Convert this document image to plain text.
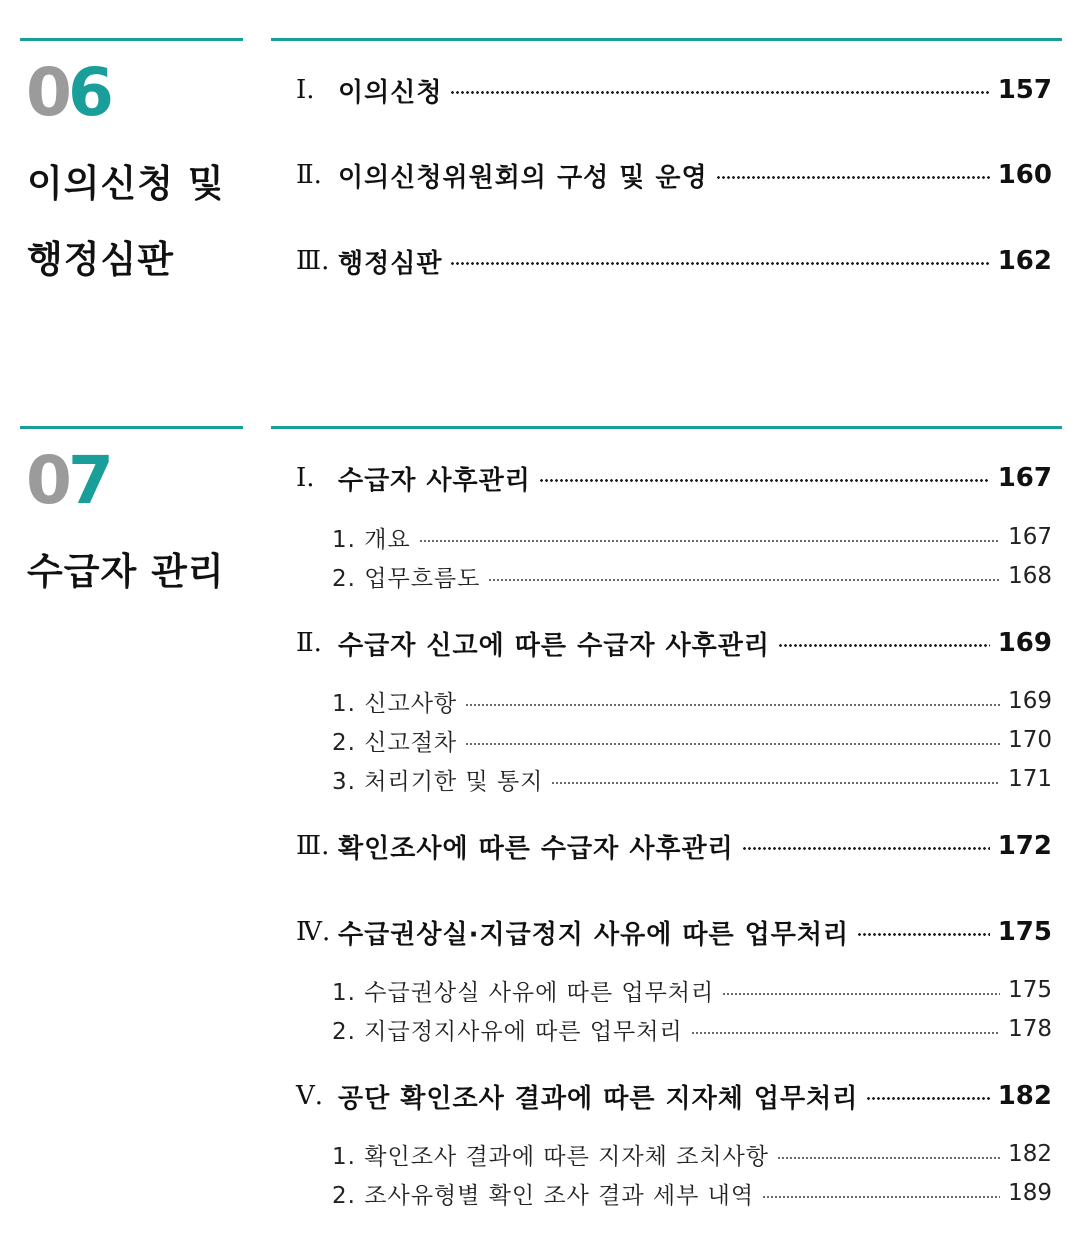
06
이의신청 및
행정심판
Ⅰ. 이의신청	157
Ⅱ. 이의신청위원회의 구성 및 운영	160
Ⅲ. 행정심판	162
07
수급자 관리
Ⅰ. 수급자 사후관리	167
1. 개요	167
2. 업무흐름도	168
Ⅱ. 수급자 신고에 따른 수급자 사후관리	169
1. 신고사항	169
2. 신고절차	170
3. 처리기한 및 통지	171
Ⅲ. 확인조사에 따른 수급자 사후관리	172
Ⅳ. 수급권상실·지급정지 사유에 따른 업무처리	175
1. 수급권상실 사유에 따른 업무처리	175
2. 지급정지사유에 따른 업무처리	178
Ⅴ. 공단 확인조사 결과에 따른 지자체 업무처리	182
1. 확인조사 결과에 따른 지자체 조치사항	182
2. 조사유형별 확인 조사 결과 세부 내역	189
